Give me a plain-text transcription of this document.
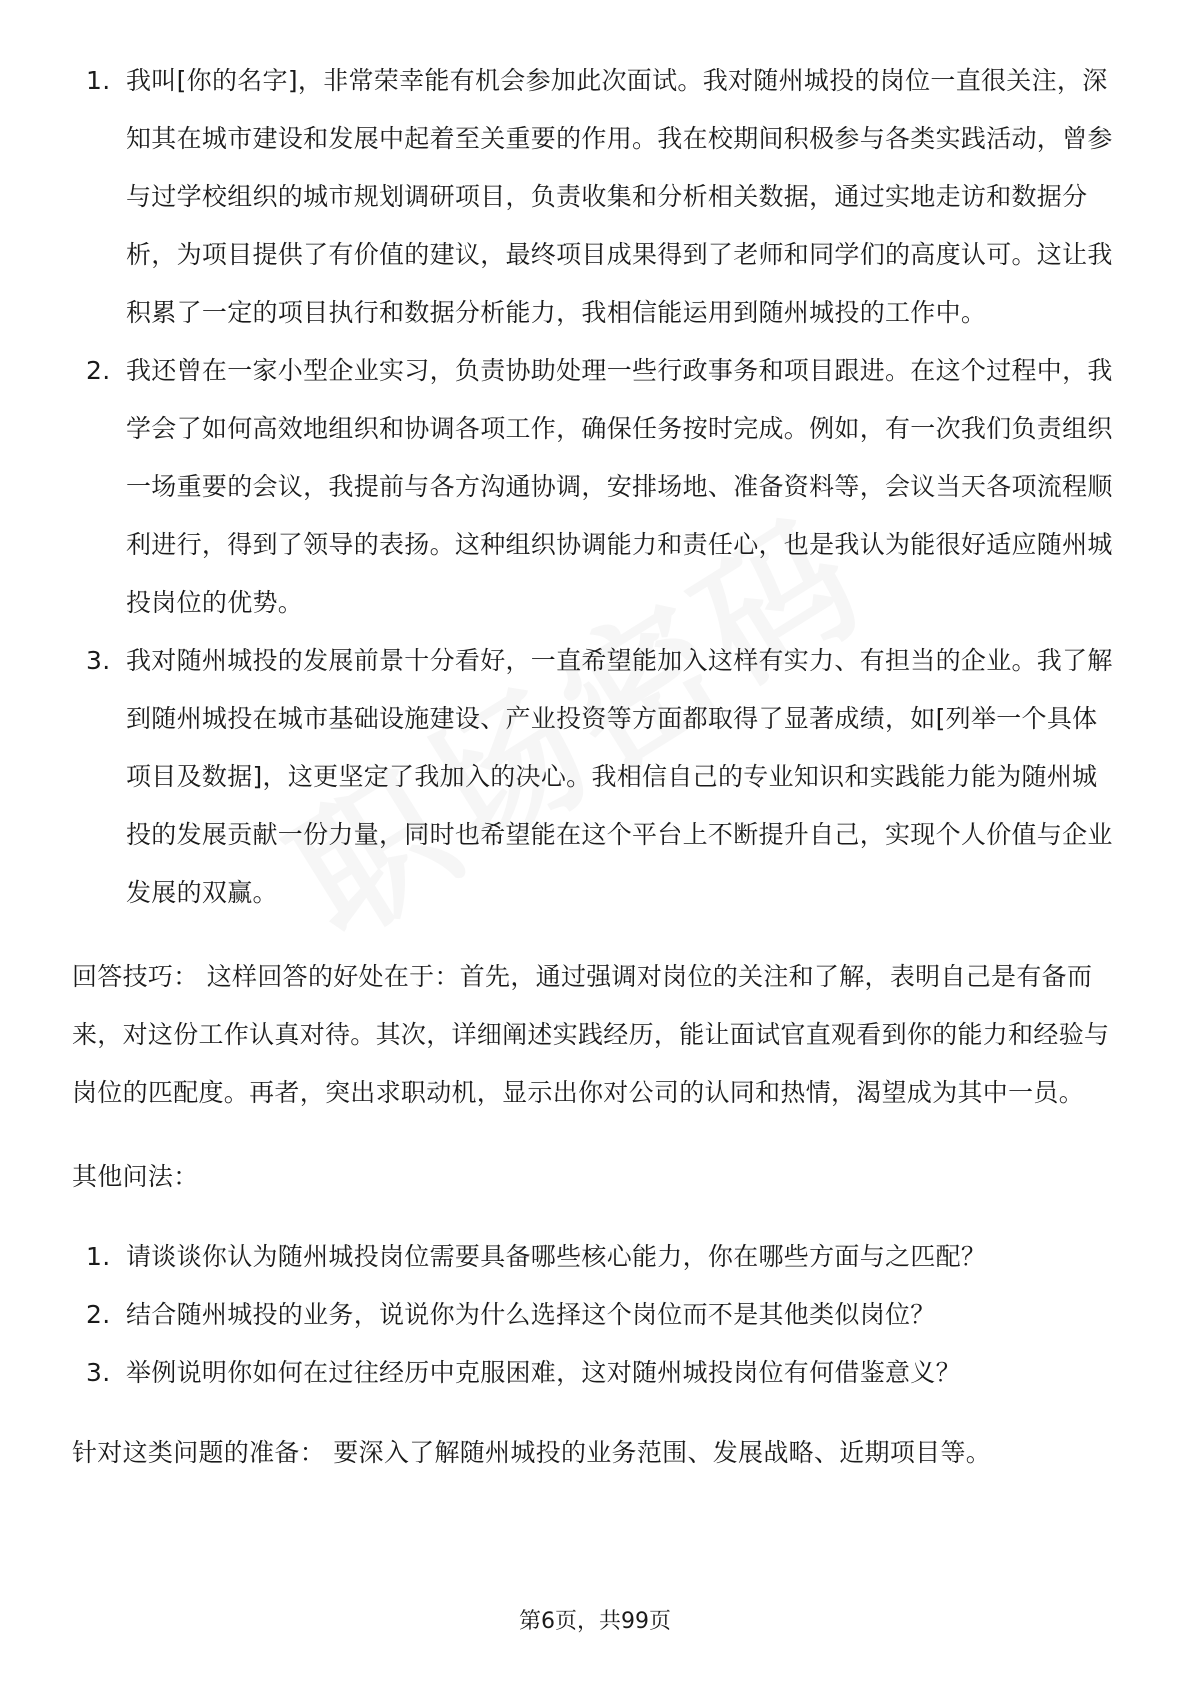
1. 我叫[你的名字]，非常荣幸能有机会参加此次面试。我对随州城投的岗位一直很关注，深知其在城市建设和发展中起着至关重要的作用。我在校期间积极参与各类实践活动，曾参与过学校组织的城市规划调研项目，负责收集和分析相关数据，通过实地走访和数据分析，为项目提供了有价值的建议，最终项目成果得到了老师和同学们的高度认可。这让我积累了一定的项目执行和数据分析能力，我相信能运用到随州城投的工作中。
2. 我还曾在一家小型企业实习，负责协助处理一些行政事务和项目跟进。在这个过程中，我学会了如何高效地组织和协调各项工作，确保任务按时完成。例如，有一次我们负责组织一场重要的会议，我提前与各方沟通协调，安排场地、准备资料等，会议当天各项流程顺利进行，得到了领导的表扬。这种组织协调能力和责任心，也是我认为能很好适应随州城投岗位的优势。
3. 我对随州城投的发展前景十分看好，一直希望能加入这样有实力、有担当的企业。我了解到随州城投在城市基础设施建设、产业投资等方面都取得了显著成绩，如[列举一个具体项目及数据]，这更坚定了我加入的决心。我相信自己的专业知识和实践能力能为随州城投的发展贡献一份力量，同时也希望能在这个平台上不断提升自己，实现个人价值与企业发展的双赢。

回答技巧： 这样回答的好处在于：首先，通过强调对岗位的关注和了解，表明自己是有备而来，对这份工作认真对待。其次，详细阐述实践经历，能让面试官直观看到你的能力和经验与岗位的匹配度。再者，突出求职动机，显示出你对公司的认同和热情，渴望成为其中一员。

其他问法：

1. 请谈谈你认为随州城投岗位需要具备哪些核心能力，你在哪些方面与之匹配？
2. 结合随州城投的业务，说说你为什么选择这个岗位而不是其他类似岗位？
3. 举例说明你如何在过往经历中克服困难，这对随州城投岗位有何借鉴意义？

针对这类问题的准备： 要深入了解随州城投的业务范围、发展战略、近期项目等。

第6页，共99页
